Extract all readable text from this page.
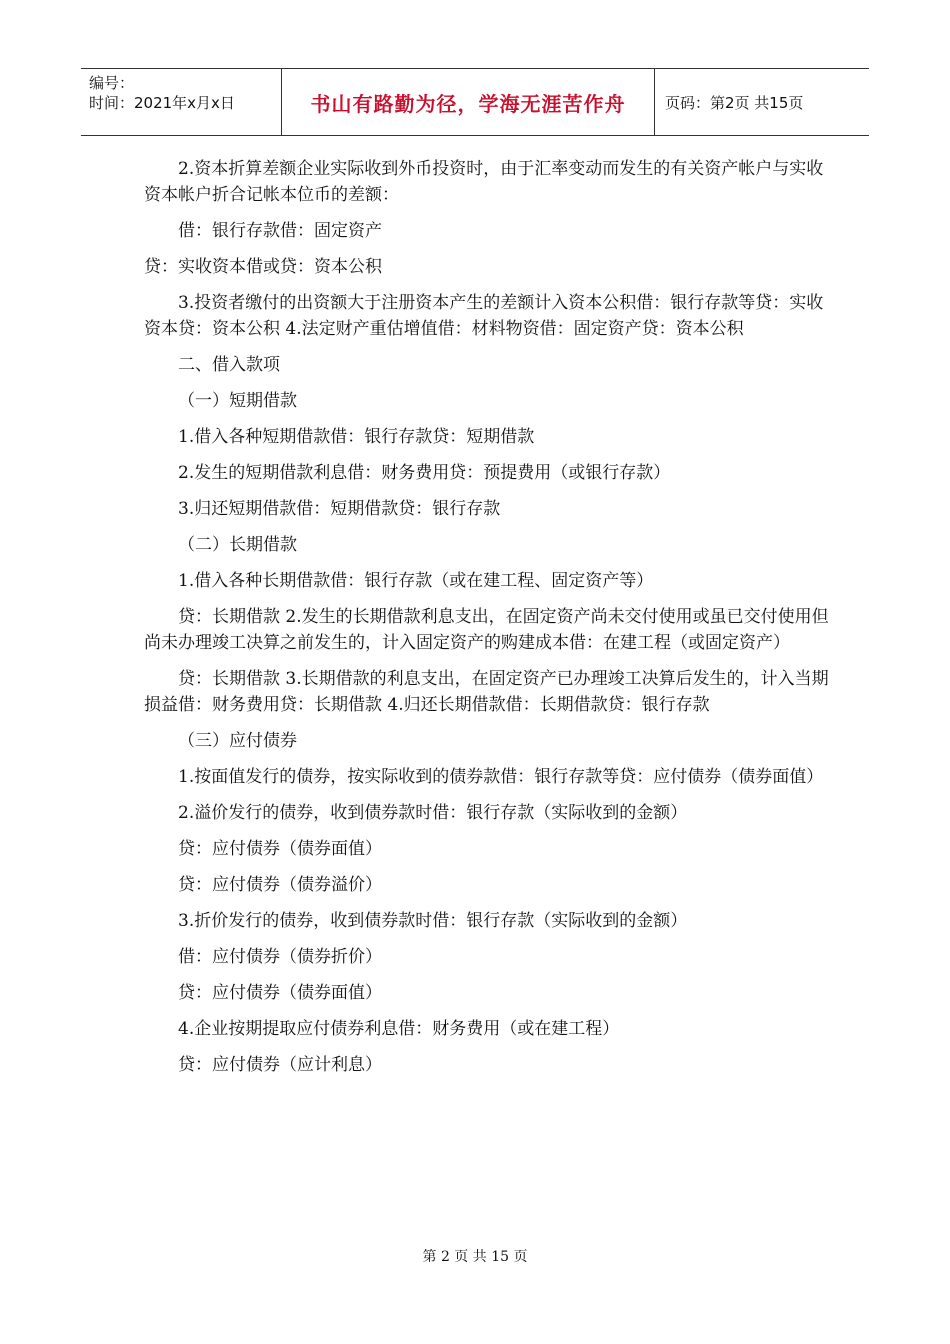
编号：
时间：2021年x月x日	书山有路勤为径，学海无涯苦作舟	页码：第2页 共15页

2.资本折算差额企业实际收到外币投资时，由于汇率变动而发生的有关资产帐户与实收资本帐户折合记帐本位币的差额：

借：银行存款借：固定资产

贷：实收资本借或贷：资本公积

3.投资者缴付的出资额大于注册资本产生的差额计入资本公积借：银行存款等贷：实收资本贷：资本公积 4.法定财产重估增值借：材料物资借：固定资产贷：资本公积

二、借入款项

（一）短期借款

1.借入各种短期借款借：银行存款贷：短期借款

2.发生的短期借款利息借：财务费用贷：预提费用（或银行存款）

3.归还短期借款借：短期借款贷：银行存款

（二）长期借款

1.借入各种长期借款借：银行存款（或在建工程、固定资产等）

贷：长期借款 2.发生的长期借款利息支出，在固定资产尚未交付使用或虽已交付使用但尚未办理竣工决算之前发生的，计入固定资产的购建成本借：在建工程（或固定资产）

贷：长期借款 3.长期借款的利息支出，在固定资产已办理竣工决算后发生的，计入当期损益借：财务费用贷：长期借款 4.归还长期借款借：长期借款贷：银行存款

（三）应付债券

1.按面值发行的债券，按实际收到的债券款借：银行存款等贷：应付债券（债券面值）

2.溢价发行的债券，收到债券款时借：银行存款（实际收到的金额）

贷：应付债券（债券面值）

贷：应付债券（债券溢价）

3.折价发行的债券，收到债券款时借：银行存款（实际收到的金额）

借：应付债券（债券折价）

贷：应付债券（债券面值）

4.企业按期提取应付债券利息借：财务费用（或在建工程）

贷：应付债券（应计利息）

第 2 页 共 15 页
